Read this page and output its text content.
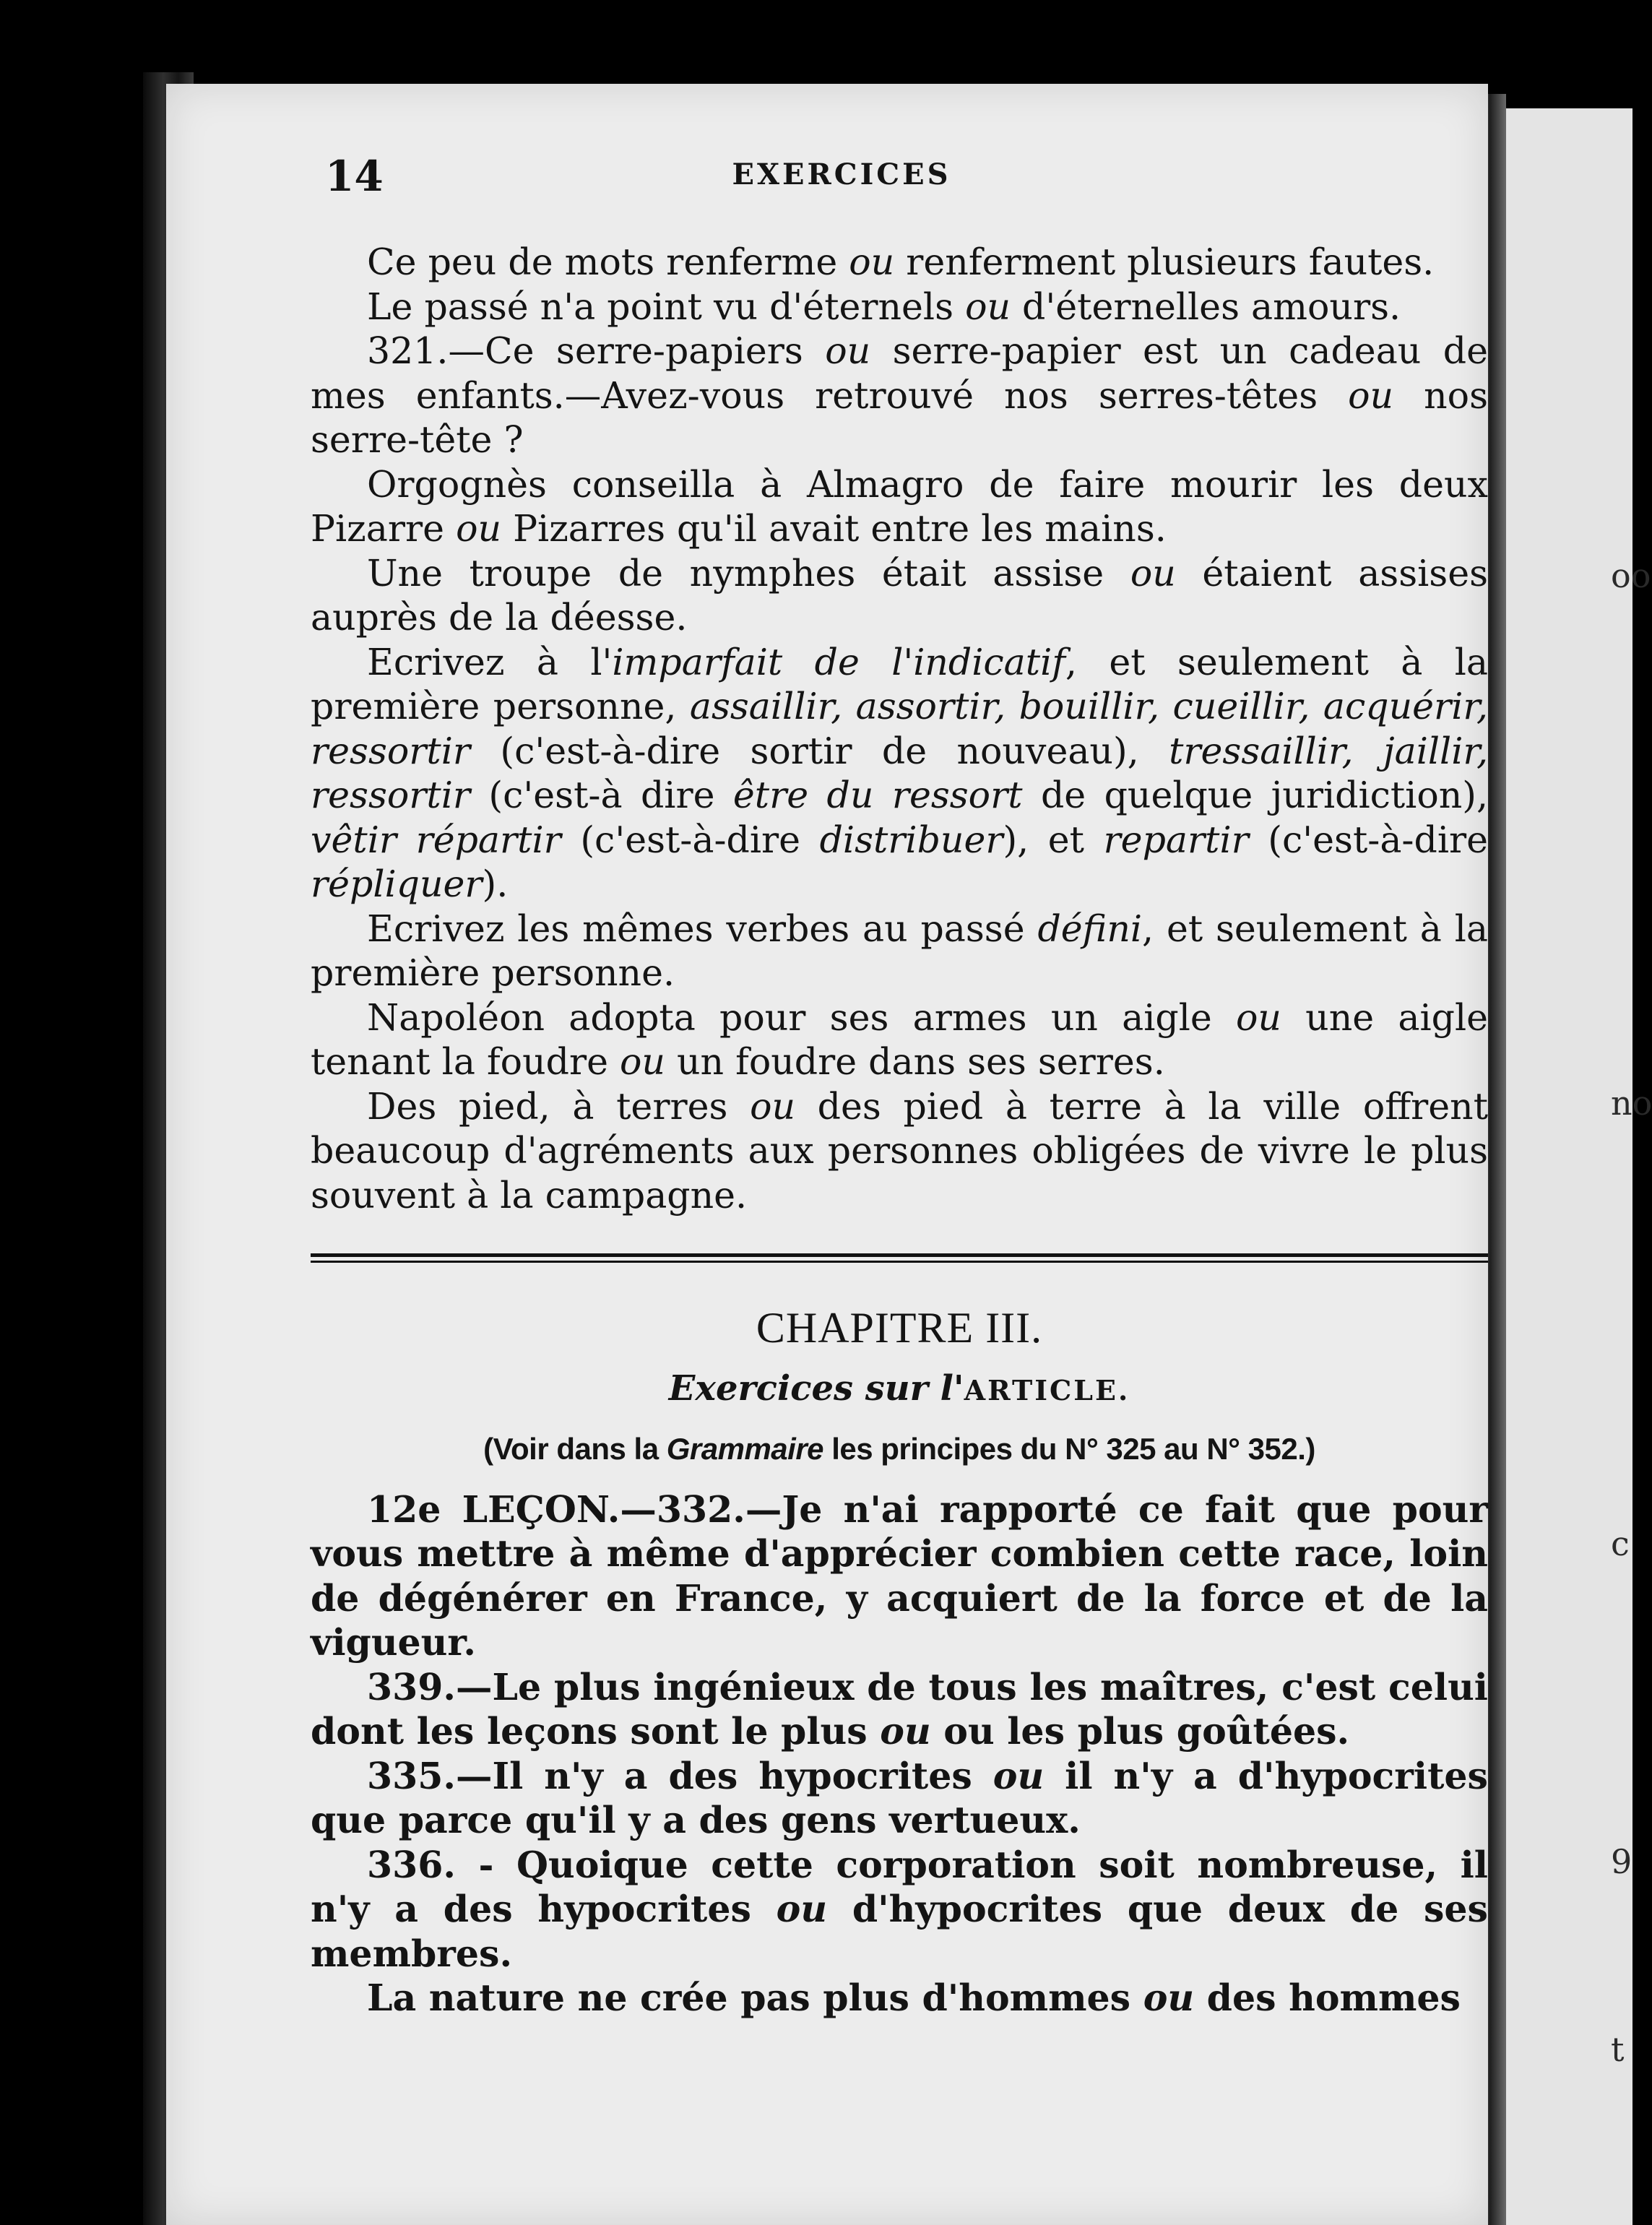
oo
no
c
9
t
14	EXERCICES

Ce peu de mots renferme ou renferment plusieurs fautes.

Le passé n'a point vu d'éternels ou d'éternelles amours.

321.—Ce serre-papiers ou serre-papier est un cadeau de mes enfants.—Avez-vous retrouvé nos serres-têtes ou nos serre-tête ?

Orgognès conseilla à Almagro de faire mourir les deux Pizarre ou Pizarres qu'il avait entre les mains.

Une troupe de nymphes était assise ou étaient assises auprès de la déesse.

Ecrivez à l'imparfait de l'indicatif, et seulement à la première personne, assaillir, assortir, bouillir, cueillir, acquérir, ressortir (c'est-à-dire sortir de nouveau), tressaillir, jaillir, ressortir (c'est-à dire être du ressort de quelque juridiction), vêtir répartir (c'est-à-dire distribuer), et repartir (c'est-à-dire répliquer).

Ecrivez les mêmes verbes au passé défini, et seulement à la première personne.

Napoléon adopta pour ses armes un aigle ou une aigle tenant la foudre ou un foudre dans ses serres.

Des pied, à terres ou des pied à terre à la ville offrent beaucoup d'agréments aux personnes obligées de vivre le plus souvent à la campagne.

CHAPITRE III.
Exercices sur l'ARTICLE.
(Voir dans la Grammaire les principes du N° 325 au N° 352.)

12e LEÇON.—332.—Je n'ai rapporté ce fait que pour vous mettre à même d'apprécier combien cette race, loin de dégénérer en France, y acquiert de la force et de la vigueur.

339.—Le plus ingénieux de tous les maîtres, c'est celui dont les leçons sont le plus ou ou les plus goûtées.

335.—Il n'y a des hypocrites ou il n'y a d'hypocrites que parce qu'il y a des gens vertueux.

336. - Quoique cette corporation soit nombreuse, il n'y a des hypocrites ou d'hypocrites que deux de ses membres.

La nature ne crée pas plus d'hommes ou des hommes
